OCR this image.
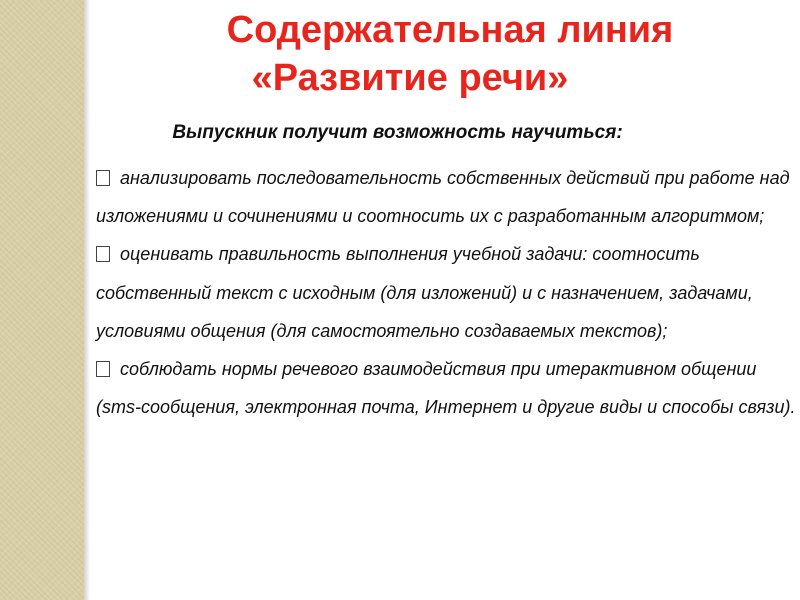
Содержательная линия
«Развитие речи»

Выпускник получит возможность научиться:

анализировать последовательность собственных действий при работе над изложениями и сочинениями и соотносить их с разработанным алгоритмом;

оценивать правильность выполнения учебной задачи: соотносить собственный текст с исходным (для изложений) и с назначением, задачами, условиями общения (для самостоятельно создаваемых текстов);

соблюдать нормы речевого взаимодействия при итерактивном общении (sms-сообщения, электронная почта, Интернет и другие виды и способы связи).
